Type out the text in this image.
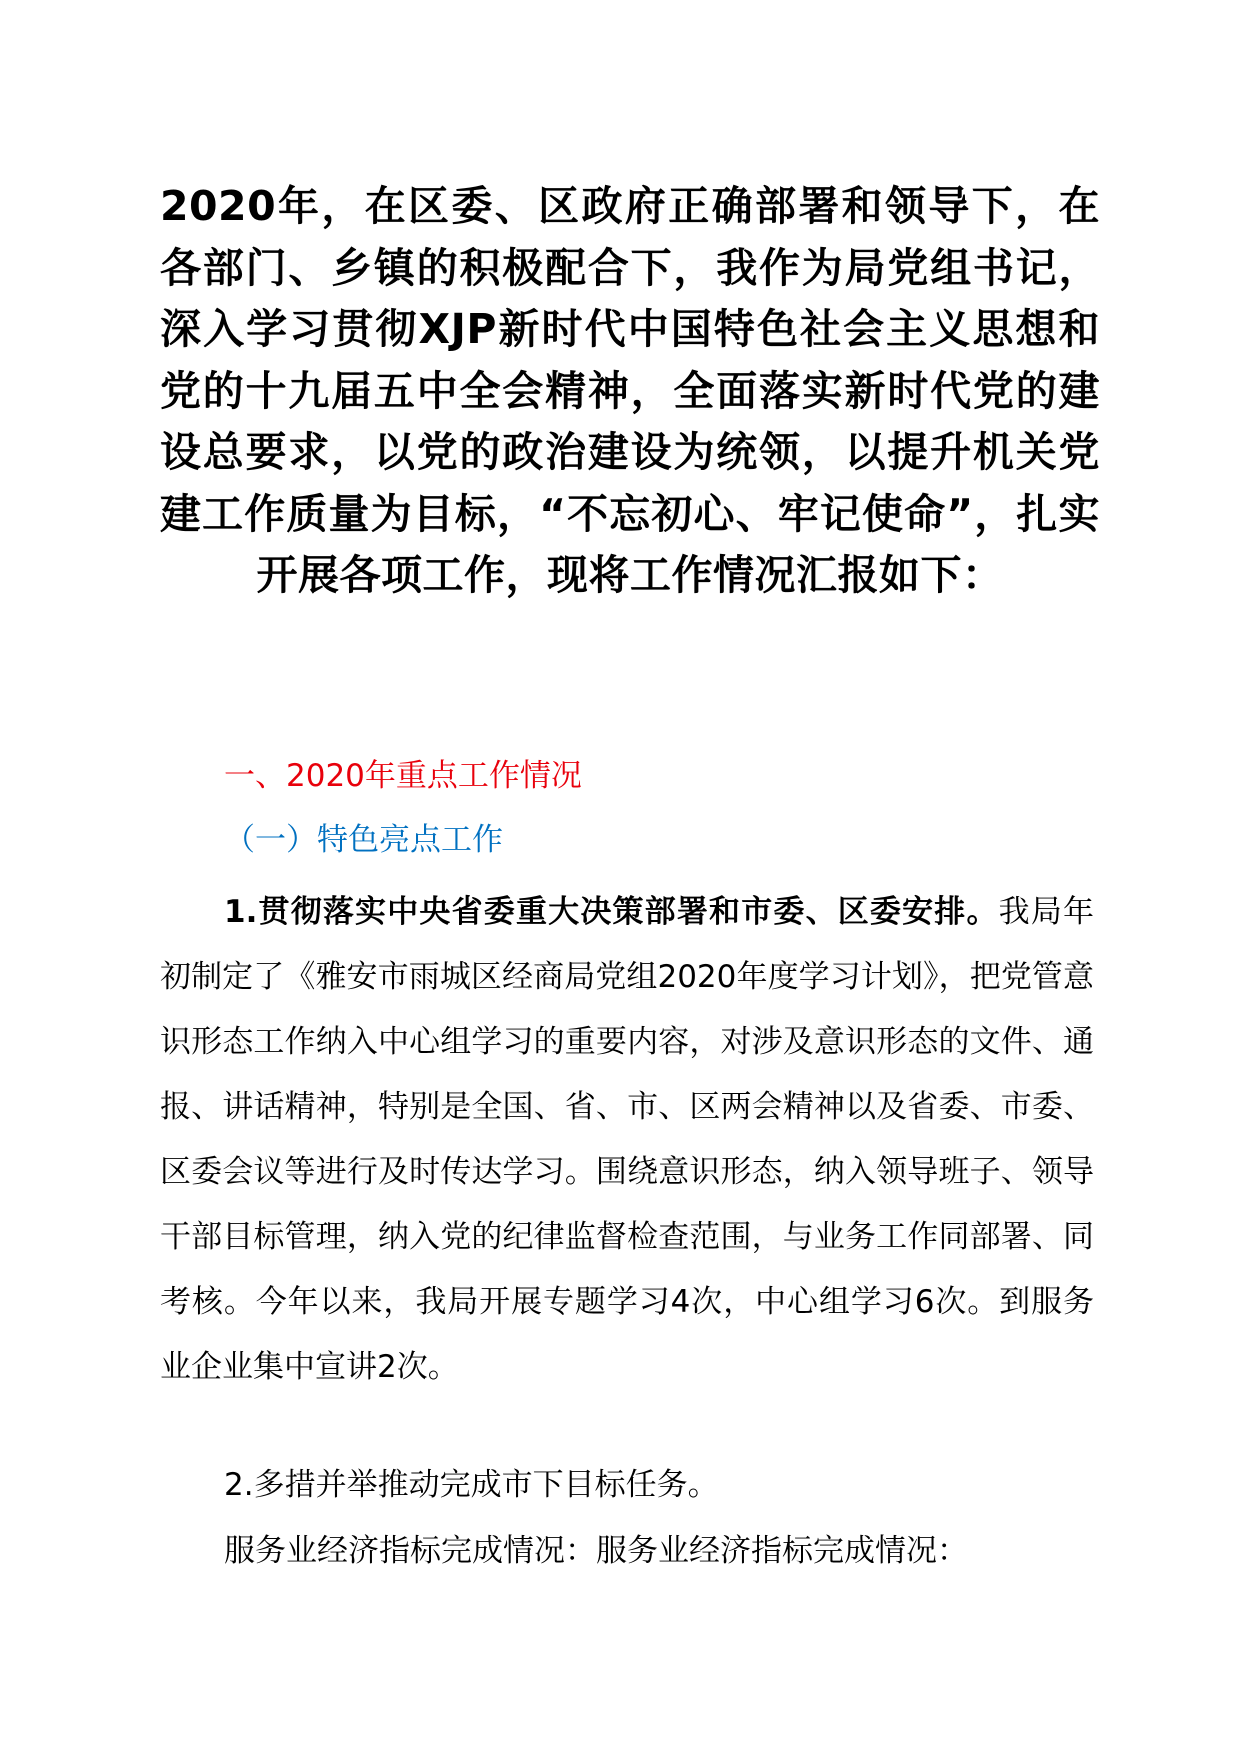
2020年，在区委、区政府正确部署和领导下，在各部门、乡镇的积极配合下，我作为局党组书记，深入学习贯彻XJP新时代中国特色社会主义思想和党的十九届五中全会精神，全面落实新时代党的建设总要求，以党的政治建设为统领，以提升机关党建工作质量为目标，“不忘初心、牢记使命”，扎实开展各项工作，现将工作情况汇报如下：

一、2020年重点工作情况

（一）特色亮点工作

1.贯彻落实中央省委重大决策部署和市委、区委安排。我局年初制定了《雅安市雨城区经商局党组2020年度学习计划》，把党管意识形态工作纳入中心组学习的重要内容，对涉及意识形态的文件、通报、讲话精神，特别是全国、省、市、区两会精神以及省委、市委、区委会议等进行及时传达学习。围绕意识形态，纳入领导班子、领导干部目标管理，纳入党的纪律监督检查范围，与业务工作同部署、同考核。今年以来，我局开展专题学习4次，中心组学习6次。到服务业企业集中宣讲2次。

2.多措并举推动完成市下目标任务。

服务业经济指标完成情况：服务业经济指标完成情况：
